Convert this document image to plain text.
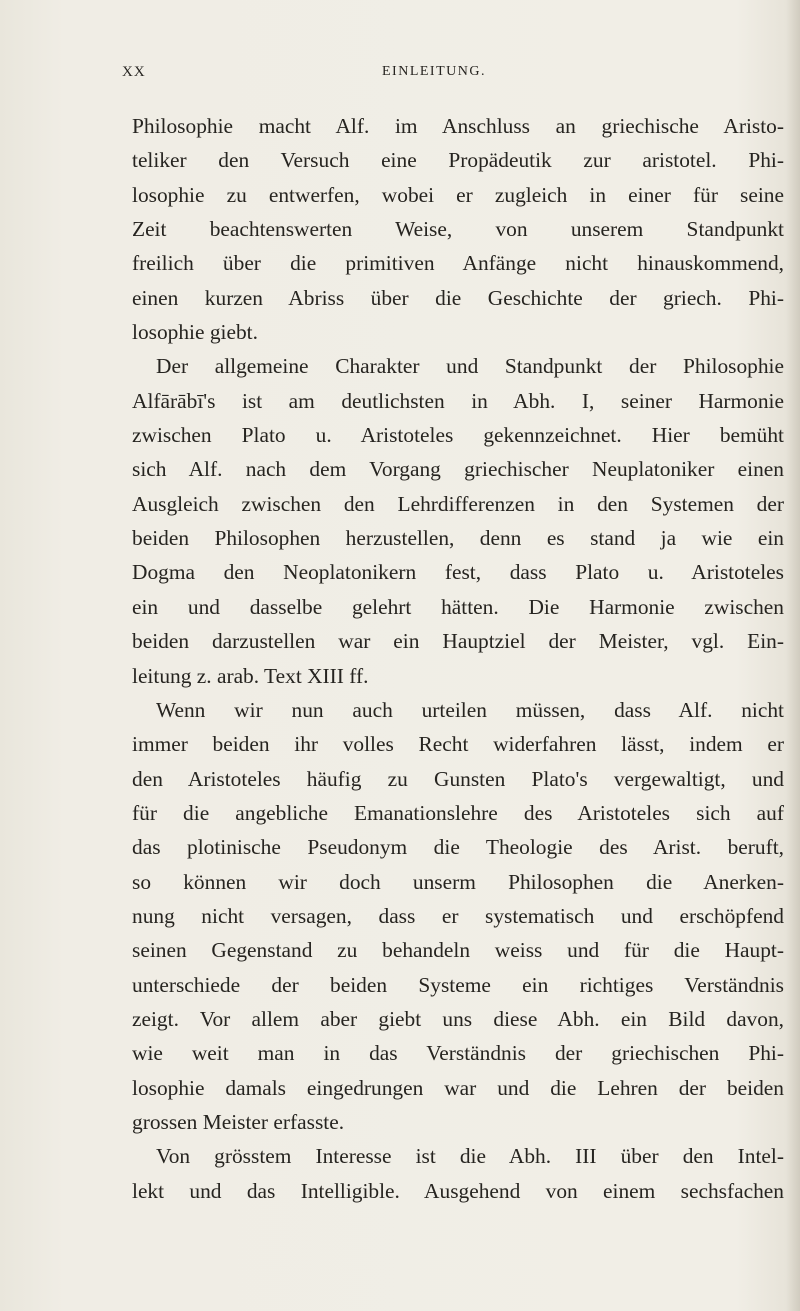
XX	EINLEITUNG.
Philosophie macht Alf. im Anschluss an griechische Aristo-
teliker den Versuch eine Propädeutik zur aristotel. Phi-
losophie zu entwerfen, wobei er zugleich in einer für seine
Zeit beachtenswerten Weise, von unserem Standpunkt
freilich über die primitiven Anfänge nicht hinauskommend,
einen kurzen Abriss über die Geschichte der griech. Phi-
losophie giebt.
Der allgemeine Charakter und Standpunkt der Philosophie
Alfārābī's ist am deutlichsten in Abh. I, seiner Harmonie
zwischen Plato u. Aristoteles gekennzeichnet. Hier bemüht
sich Alf. nach dem Vorgang griechischer Neuplatoniker einen
Ausgleich zwischen den Lehrdifferenzen in den Systemen der
beiden Philosophen herzustellen, denn es stand ja wie ein
Dogma den Neoplatonikern fest, dass Plato u. Aristoteles
ein und dasselbe gelehrt hätten. Die Harmonie zwischen
beiden darzustellen war ein Hauptziel der Meister, vgl. Ein-
leitung z. arab. Text XIII ff.
Wenn wir nun auch urteilen müssen, dass Alf. nicht
immer beiden ihr volles Recht widerfahren lässt, indem er
den Aristoteles häufig zu Gunsten Plato's vergewaltigt, und
für die angebliche Emanationslehre des Aristoteles sich auf
das plotinische Pseudonym die Theologie des Arist. beruft,
so können wir doch unserm Philosophen die Anerken-
nung nicht versagen, dass er systematisch und erschöpfend
seinen Gegenstand zu behandeln weiss und für die Haupt-
unterschiede der beiden Systeme ein richtiges Verständnis
zeigt. Vor allem aber giebt uns diese Abh. ein Bild davon,
wie weit man in das Verständnis der griechischen Phi-
losophie damals eingedrungen war und die Lehren der beiden
grossen Meister erfasste.
Von grösstem Interesse ist die Abh. III über den Intel-
lekt und das Intelligible. Ausgehend von einem sechsfachen
